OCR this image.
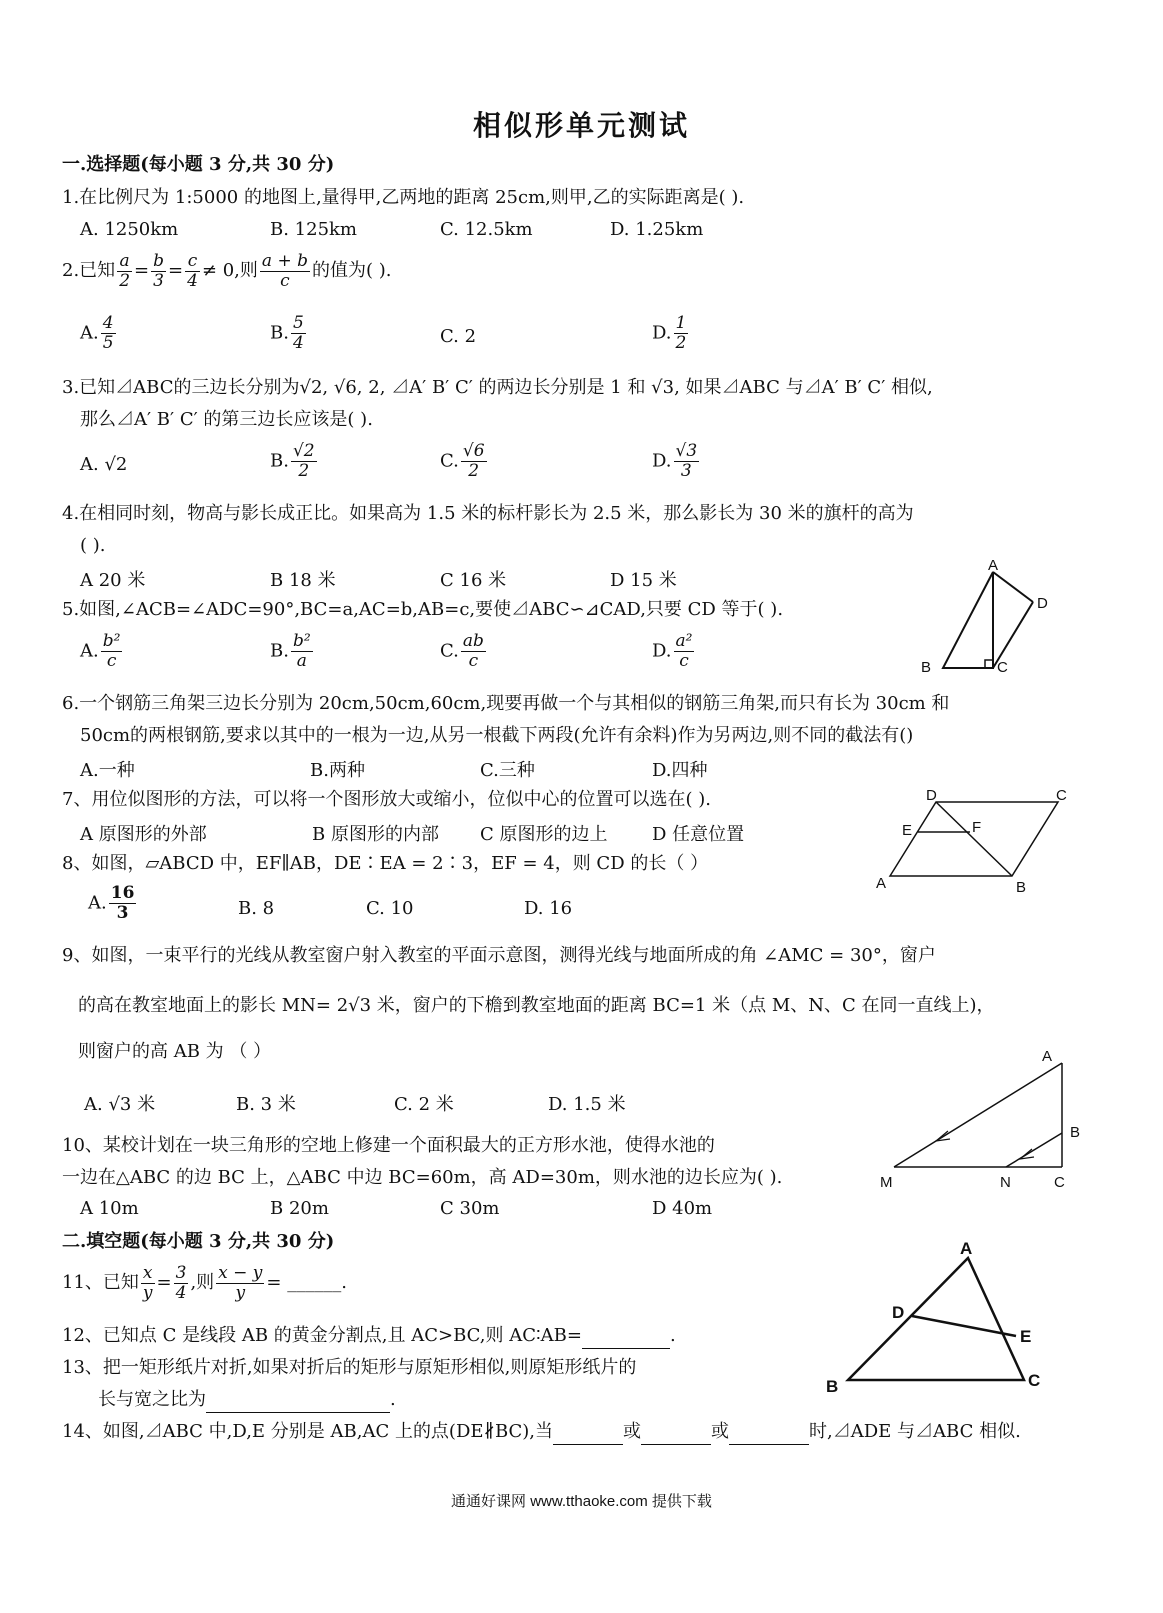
相似形单元测试
一.选择题(每小题 3 分,共 30 分)
1.在比例尺为 1:5000 的地图上,量得甲,乙两地的距离 25cm,则甲,乙的实际距离是( ).
A. 1250km	B. 125km	C. 12.5km	D. 1.25km
2.已知 $\frac{a}{2} = \frac{b}{3} = \frac{c}{4} \ne 0$,则 $\frac{a + b}{c}$ 的值为( ).
A. $\frac{4}{5}$	B. $\frac{5}{4}$	C. 2	D. $\frac{1}{2}$
3.已知⊿ABC的三边长分别为√2, √6, 2, ⊿A′ B′ C′ 的两边长分别是 1 和 √3, 如果⊿ABC 与⊿A′ B′ C′ 相似,
那么⊿A′ B′ C′ 的第三边长应该是( ).
A. √2	B. $\frac{√2}{2}$	C. $\frac{√6}{2}$	D. $\frac{√3}{3}$
4.在相同时刻，物高与影长成正比。如果高为 1.5 米的标杆影长为 2.5 米，那么影长为 30 米的旗杆的高为
( ).
A 20 米	B 18 米	C 16 米	D 15 米
5.如图,∠ACB=∠ADC=90°,BC=a,AC=b,AB=c,要使⊿ABC∽⊿CAD,只要 CD 等于( ).
A. $\frac{\text{b²}}{c}$	B. $\frac{\text{b²}}{a}$	C. $\frac{ab}{c}$	D. $\frac{\text{a²}}{c}$
A
D
B	C
6.一个钢筋三角架三边长分别为 20cm,50cm,60cm,现要再做一个与其相似的钢筋三角架,而只有长为 30cm 和
50cm的两根钢筋,要求以其中的一根为一边,从另一根截下两段(允许有余料)作为另两边,则不同的截法有()
A.一种	B.两种	C.三种	D.四种
7、用位似图形的方法，可以将一个图形放大或缩小，位似中心的位置可以选在( ).
A 原图形的外部	B 原图形的内部 C 原图形的边上 D 任意位置
D	C
E	F
A	B
8、如图，▱ABCD 中，EF∥AB，DE∶EA = 2∶3，EF = 4，则 CD 的长（ ）
A. $\frac{16}{3}$	B. 8	C. 10	D. 16
9、如图，一束平行的光线从教室窗户射入教室的平面示意图，测得光线与地面所成的角 ∠AMC = 30°，窗户
的高在教室地面上的影长 MN= 2√3 米，窗户的下檐到教室地面的距离 BC=1 米（点 M、N、C 在同一直线上)，
则窗户的高 AB 为 （ ）
A. √3 米	B. 3 米	C. 2 米	D. 1.5 米
A
B
M	N	C
10、某校计划在一块三角形的空地上修建一个面积最大的正方形水池，使得水池的
一边在△ABC 的边 BC 上，△ABC 中边 BC=60m，高 AD=30m，则水池的边长应为( ).
A 10m	B 20m	C 30m	D 40m
二.填空题(每小题 3 分,共 30 分)
11、已知 $\frac{x}{y} = \frac{3}{4}$ ,则 $\frac{x - y}{y}$ = ______.
12、已知点 C 是线段 AB 的黄金分割点,且 AC>BC,则 AC∶AB=	.
13、把一矩形纸片对折,如果对折后的矩形与原矩形相似,则原矩形纸片的
长与宽之比为	.
A
D
E
B	C
14、如图,⊿ABC 中,D,E 分别是 AB,AC 上的点(DE∦BC),当	或	或	时,⊿ADE 与⊿ABC 相似.
通通好课网 www.tthaoke.com 提供下载
